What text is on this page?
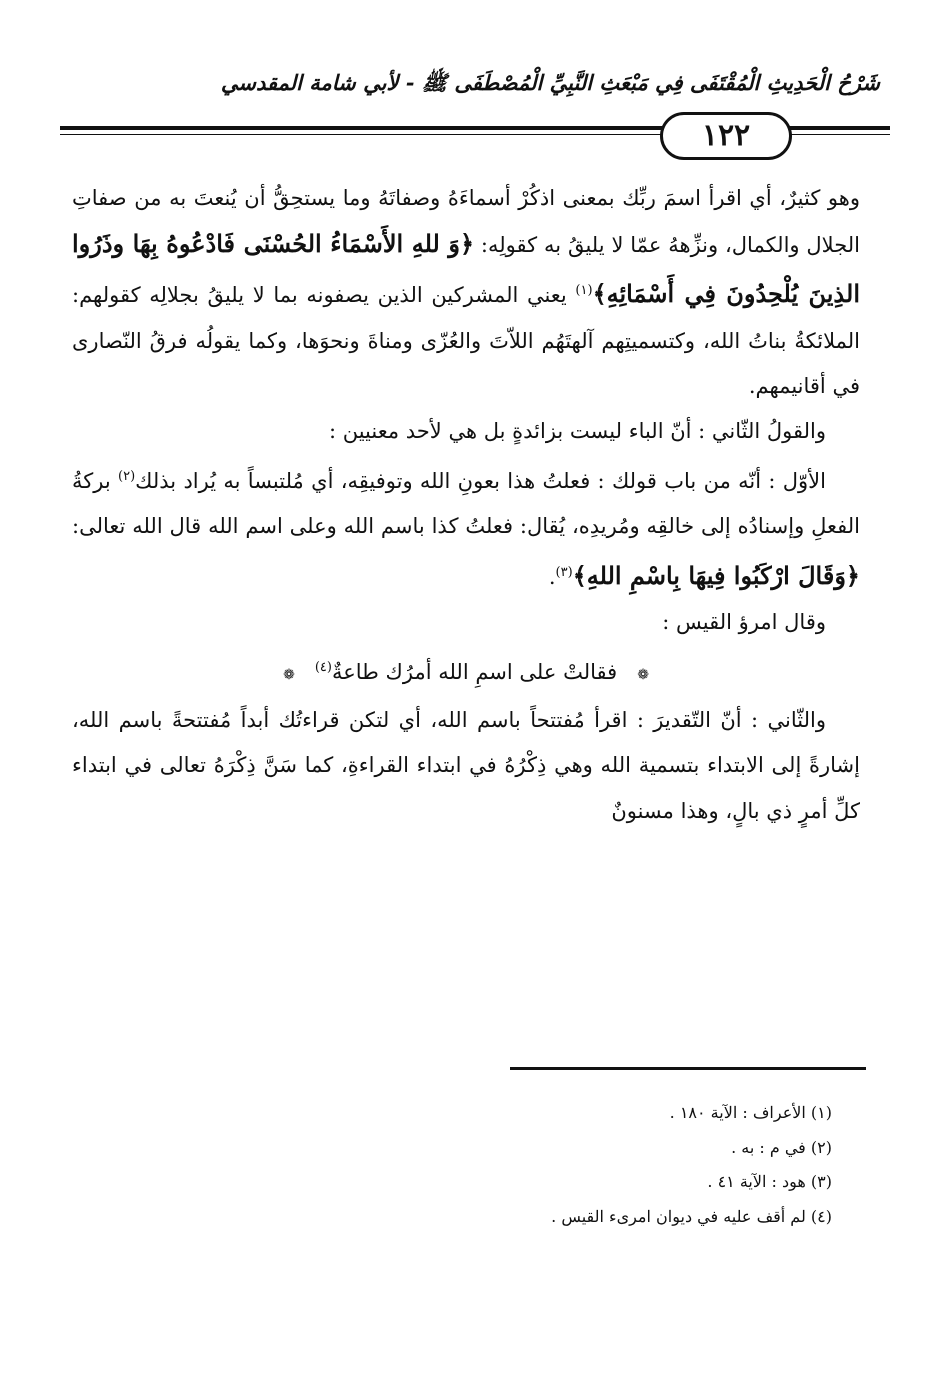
شَرْحُ الْحَدِيثِ الْمُقْتَفَى فِي مَبْعَثِ النَّبِيِّ الْمُصْطَفَى ﷺ - لأبي شامة المقدسي
١٢٢

وهو كثيرٌ، أي اقرأ اسمَ ربِّك بمعنى اذكُرْ أسماءَهُ وصفاتَهُ وما يستحِقُّ أن يُنعتَ به من صفاتِ الجلال والكمال، ونزِّههُ عمّا لا يليقُ به كقولِه: ﴿وَ للهِ الأَسْمَاءُ الحُسْنَى فَادْعُوهُ بِهَا وذَرُوا الذِينَ يُلْحِدُونَ فِي أَسْمَائِهِ﴾$^{(١)}$ يعني المشركين الذين يصفونه بما لا يليقُ بجلالِه كقولهم: الملائكةُ بناتُ الله، وكتسميتِهم آلهتَهُم اللاّتَ والعُزّى ومناةَ ونحوَها، وكما يقولُه فرقُ النّصارى في أقانيمهم.

والقولُ الثّاني : أنّ الباء ليست بزائدةٍ بل هي لأحد معنيين :

الأوّل : أنّه من باب قولك : فعلتُ هذا بعونِ الله وتوفيقِه، أي مُلتبساً به يُراد بذلك$^{(٢)}$ بركةُ الفعلِ وإسنادُه إلى خالقِه ومُريدِه، يُقال: فعلتُ كذا باسم الله وعلى اسم الله قال الله تعالى: ﴿وَقَالَ ارْكَبُوا فِيهَا بِاسْمِ اللهِ﴾$^{(٣)}$.

وقال امرؤ القيس :

❁   فقالتْ على اسمِ الله أمرُك طاعةٌ$^{(٤)}$   ❁

والثّاني : أنّ التّقديرَ : اقرأ مُفتتحاً باسم الله، أي لتكن قراءتُك أبداً مُفتتحةً باسم الله، إشارةً إلى الابتداء بتسمية الله وهي ذِكْرُهُ في ابتداء القراءةِ، كما سَنَّ ذِكْرَهُ تعالى في ابتداء كلِّ أمرٍ ذي بالٍ، وهذا مسنونٌ

(١) الأعراف : الآية ١٨٠ .
(٢) في م : به .
(٣) هود : الآية ٤١ .
(٤) لم أقف عليه في ديوان امرىء القيس .
